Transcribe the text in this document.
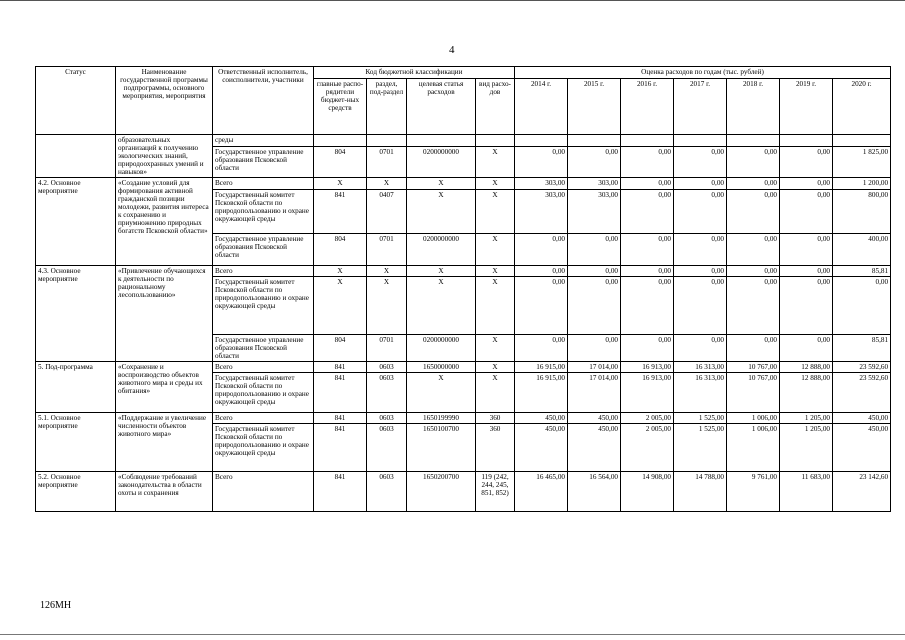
4
Статус	Наименование государственной программы подпрограммы, основного мероприятия, мероприятия	Ответственный исполнитель, соисполнители, участники	Код бюджетной классификации				Оценка расходов по годам (тыс. рублей)						
			главные распо-рядители бюджет-ных средств	раздел, под-раздел	целевая статья расходов	вид расхо-дов	2014 г.	2015 г.	2016 г.	2017 г.	2018 г.	2019 г.	2020 г.
	образовательных организаций к получению экологических знаний, природоохранных умений и навыков»	среды											
		Государственное управление образования Псковской области	804	0701	0200000000	Х	0,00	0,00	0,00	0,00	0,00	0,00	1 825,00
4.2. Основное мероприятие	«Создание условий для формирования активной гражданской позиции молодежи, развития интереса к сохранению и приумножению природных богатств Псковской области»	Всего	Х	Х	Х	Х	303,00	303,00	0,00	0,00	0,00	0,00	1 200,00
		Государственный комитет Псковской области по природопользованию и охране окружающей среды	841	0407	Х	Х	303,00	303,00	0,00	0,00	0,00	0,00	800,00
		Государственное управление образования Псковской области	804	0701	0200000000	Х	0,00	0,00	0,00	0,00	0,00	0,00	400,00
4.3. Основное мероприятие	«Привлечение обучающихся к деятельности по рациональному лесопользованию»	Всего	Х	Х	Х	Х	0,00	0,00	0,00	0,00	0,00	0,00	85,81
		Государственный комитет Псковской области по природопользованию и охране окружающей среды	Х	Х	Х	Х	0,00	0,00	0,00	0,00	0,00	0,00	0,00
		Государственное управление образования Псковской области	804	0701	0200000000	Х	0,00	0,00	0,00	0,00	0,00	0,00	85,81
5. Под-программа	«Сохранение и воспроизводство объектов животного мира и среды их обитания»	Всего	841	0603	1650000000	Х	16 915,00	17 014,00	16 913,00	16 313,00	10 767,00	12 888,00	23 592,60
		Государственный комитет Псковской области по природопользованию и охране окружающей среды	841	0603	Х	Х	16 915,00	17 014,00	16 913,00	16 313,00	10 767,00	12 888,00	23 592,60
5.1. Основное мероприятие	«Поддержание и увеличение численности объектов животного мира»	Всего	841	0603	1650199990	360	450,00	450,00	2 005,00	1 525,00	1 006,00	1 205,00	450,00
		Государственный комитет Псковской области по природопользованию и охране окружающей среды	841	0603	1650100700	360	450,00	450,00	2 005,00	1 525,00	1 006,00	1 205,00	450,00
5.2. Основное мероприятие	«Соблюдение требований законодательства в области охоты и сохранения	Всего	841	0603	1650200700	119 (242, 244, 245, 851, 852)	16 465,00	16 564,00	14 908,00	14 788,00	9 761,00	11 683,00	23 142,60
126МН
